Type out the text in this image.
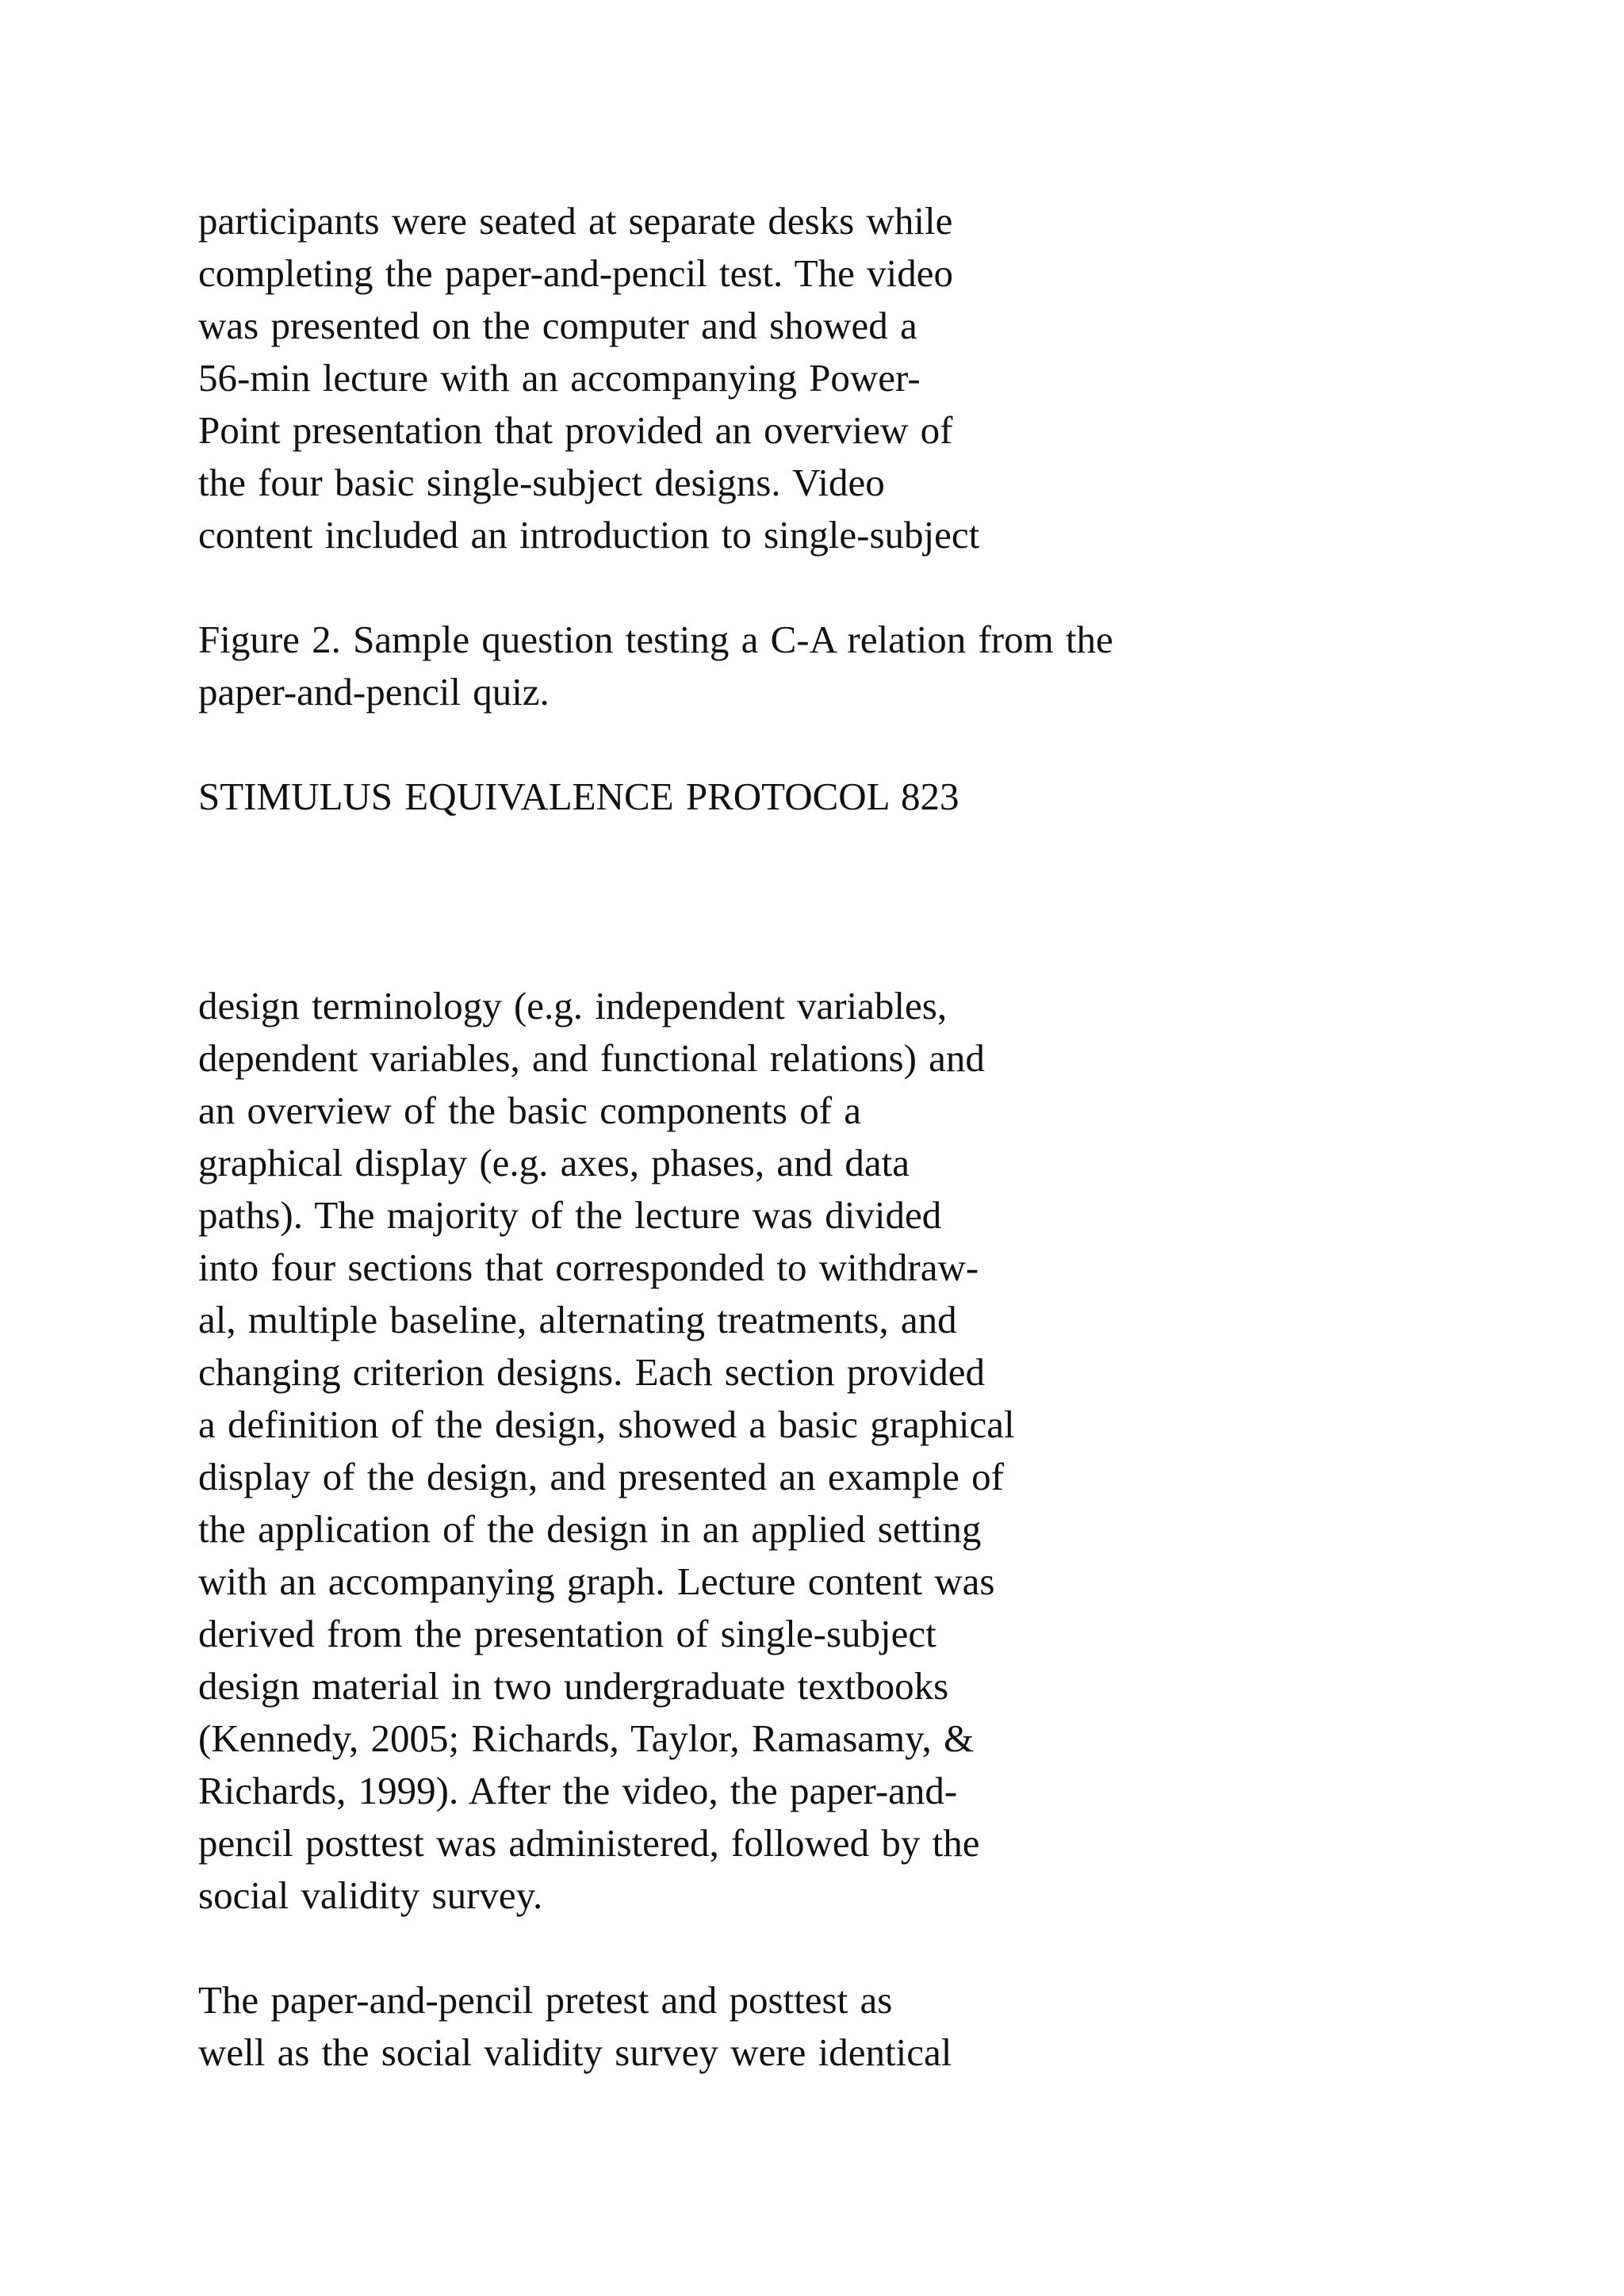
participants were seated at separate desks while
completing the paper-and-pencil test. The video
was presented on the computer and showed a
56-min lecture with an accompanying Power-
Point presentation that provided an overview of
the four basic single-subject designs. Video
content included an introduction to single-subject
Figure 2. Sample question testing a C-A relation from the
paper-and-pencil quiz.
STIMULUS EQUIVALENCE PROTOCOL 823
design terminology (e.g. independent variables,
dependent variables, and functional relations) and
an overview of the basic components of a
graphical display (e.g. axes, phases, and data
paths). The majority of the lecture was divided
into four sections that corresponded to withdraw-
al, multiple baseline, alternating treatments, and
changing criterion designs. Each section provided
a definition of the design, showed a basic graphical
display of the design, and presented an example of
the application of the design in an applied setting
with an accompanying graph. Lecture content was
derived from the presentation of single-subject
design material in two undergraduate textbooks
(Kennedy, 2005; Richards, Taylor, Ramasamy, &
Richards, 1999). After the video, the paper-and-
pencil posttest was administered, followed by the
social validity survey.
The paper-and-pencil pretest and posttest as
well as the social validity survey were identical
